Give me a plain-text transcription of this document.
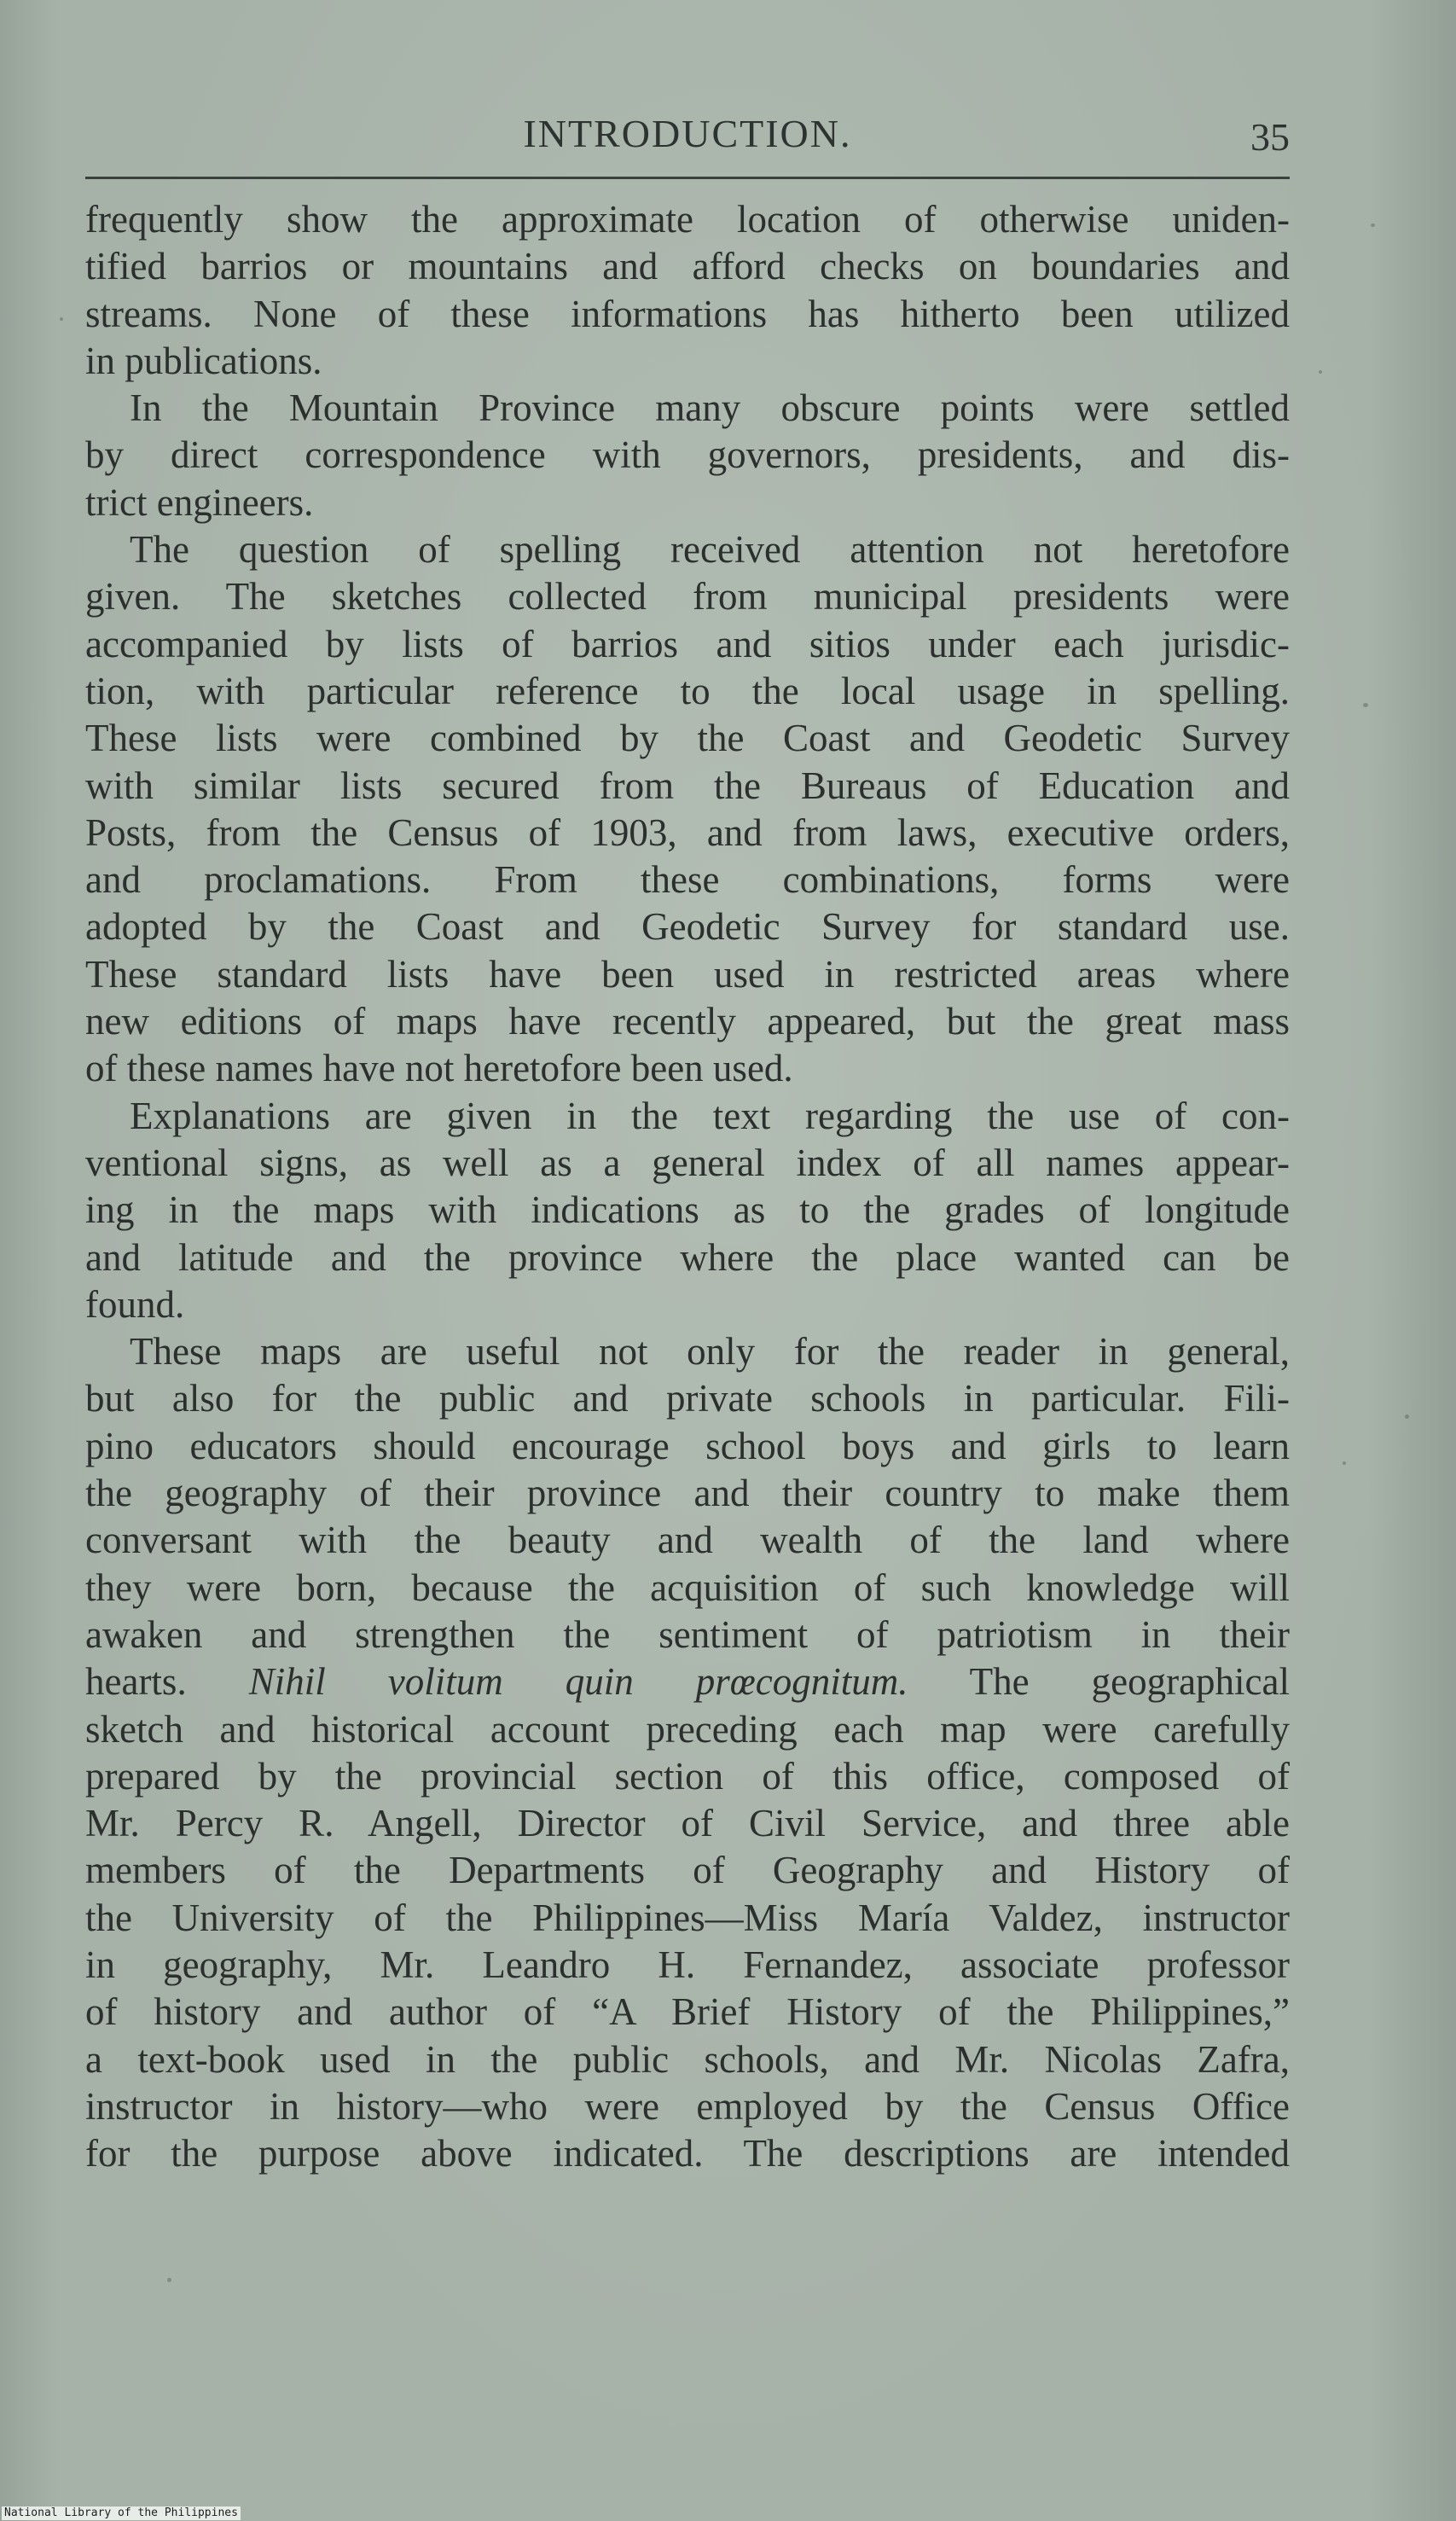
INTRODUCTION.	35
frequently show the approximate location of otherwise uniden-
tified barrios or mountains and afford checks on boundaries and
streams. None of these informations has hitherto been utilized
in publications.
In the Mountain Province many obscure points were settled
by direct correspondence with governors, presidents, and dis-
trict engineers.
The question of spelling received attention not heretofore
given. The sketches collected from municipal presidents were
accompanied by lists of barrios and sitios under each jurisdic-
tion, with particular reference to the local usage in spelling.
These lists were combined by the Coast and Geodetic Survey
with similar lists secured from the Bureaus of Education and
Posts, from the Census of 1903, and from laws, executive orders,
and proclamations. From these combinations, forms were
adopted by the Coast and Geodetic Survey for standard use.
These standard lists have been used in restricted areas where
new editions of maps have recently appeared, but the great mass
of these names have not heretofore been used.
Explanations are given in the text regarding the use of con-
ventional signs, as well as a general index of all names appear-
ing in the maps with indications as to the grades of longitude
and latitude and the province where the place wanted can be
found.
These maps are useful not only for the reader in general,
but also for the public and private schools in particular. Fili-
pino educators should encourage school boys and girls to learn
the geography of their province and their country to make them
conversant with the beauty and wealth of the land where
they were born, because the acquisition of such knowledge will
awaken and strengthen the sentiment of patriotism in their
hearts. Nihil volitum quin prœcognitum. The geographical
sketch and historical account preceding each map were carefully
prepared by the provincial section of this office, composed of
Mr. Percy R. Angell, Director of Civil Service, and three able
members of the Departments of Geography and History of
the University of the Philippines—Miss María Valdez, instructor
in geography, Mr. Leandro H. Fernandez, associate professor
of history and author of “A Brief History of the Philippines,”
a text-book used in the public schools, and Mr. Nicolas Zafra,
instructor in history—who were employed by the Census Office
for the purpose above indicated. The descriptions are intended
National Library of the Philippines
